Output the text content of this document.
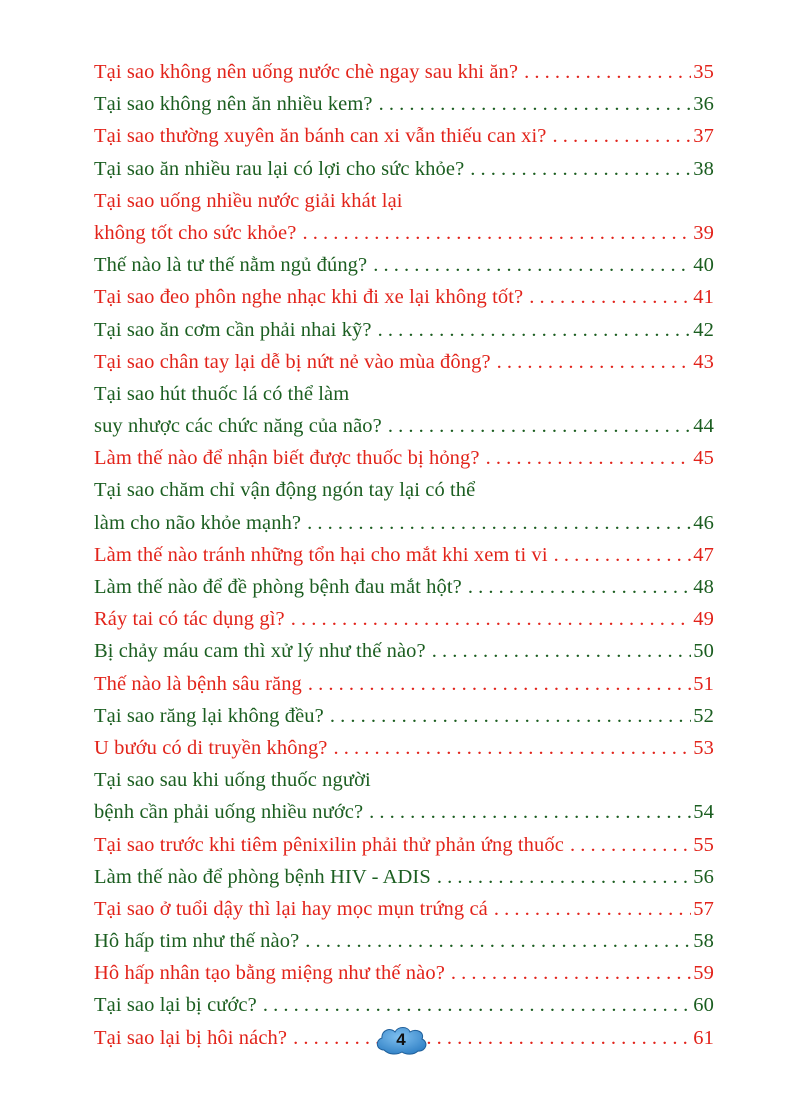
Tại sao không nên uống nước chè ngay sau khi ăn? . . .	35
Tại sao không nên ăn nhiều kem? . . .	36
Tại sao thường xuyên ăn bánh can xi vẫn thiếu can xi? . . .	37
Tại sao ăn nhiều rau lại có lợi cho sức khỏe? . . .	38
Tại sao uống nhiều nước giải khát lại
không tốt cho sức khỏe? . . .	39
Thế nào là tư thế nằm ngủ đúng? . . .	40
Tại sao đeo phôn nghe nhạc khi đi xe lại không tốt? . . .	41
Tại sao ăn cơm cần phải nhai kỹ? . . .	42
Tại sao chân tay lại dễ bị nứt nẻ vào mùa đông? . . .	43
Tại sao hút thuốc lá có thể làm
suy nhược các chức năng của não? . . .	44
Làm thế nào để nhận biết được thuốc bị hỏng? . . .	45
Tại sao chăm chỉ vận động ngón tay lại có thể
làm cho não khỏe mạnh? . . .	46
Làm thế nào tránh những tổn hại cho mắt khi xem ti vi . . .	47
Làm thế nào để đề phòng bệnh đau mắt hột? . . .	48
Ráy tai có tác dụng gì? . . .	49
Bị chảy máu cam thì xử lý như thế nào? . . .	50
Thế nào là bệnh sâu răng . . .	51
Tại sao răng lại không đều? . . .	52
U bướu có di truyền không? . . .	53
Tại sao sau khi uống thuốc người
bệnh cần phải uống nhiều nước? . . .	54
Tại sao trước khi tiêm pênixilin phải thử phản ứng thuốc . . .	55
Làm thế nào để phòng bệnh HIV - ADIS . . .	56
Tại sao ở tuổi dậy thì lại hay mọc mụn trứng cá . . .	57
Hô hấp tim như thế nào? . . .	58
Hô hấp nhân tạo bằng miệng như thế nào? . . .	59
Tại sao lại bị cước? . . .	60
Tại sao lại bị hôi nách? . . .	61
4
